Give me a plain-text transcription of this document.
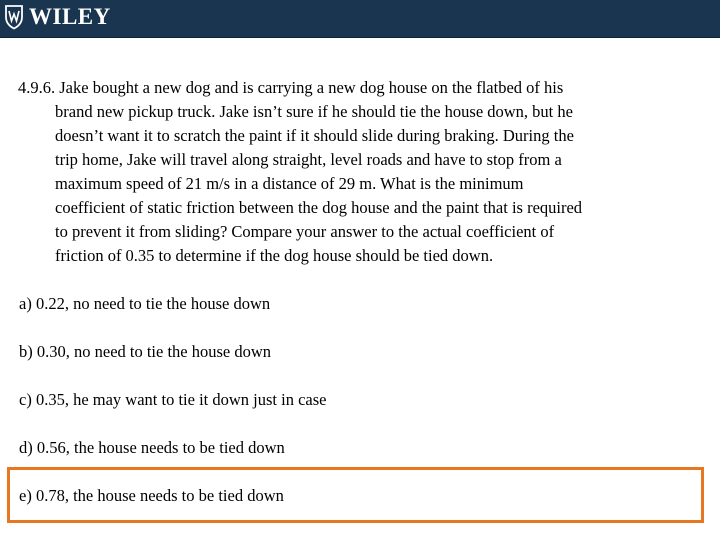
WILEY
4.9.6. Jake bought a new dog and is carrying a new dog house on the flatbed of his
brand new pickup truck. Jake isn’t sure if he should tie the house down, but he
doesn’t want it to scratch the paint if it should slide during braking. During the
trip home, Jake will travel along straight, level roads and have to stop from a
maximum speed of 21 m/s in a distance of 29 m. What is the minimum
coefficient of static friction between the dog house and the paint that is required
to prevent it from sliding? Compare your answer to the actual coefficient of
friction of 0.35 to determine if the dog house should be tied down.
a) 0.22, no need to tie the house down
b) 0.30, no need to tie the house down
c) 0.35, he may want to tie it down just in case
d) 0.56, the house needs to be tied down
e) 0.78, the house needs to be tied down
